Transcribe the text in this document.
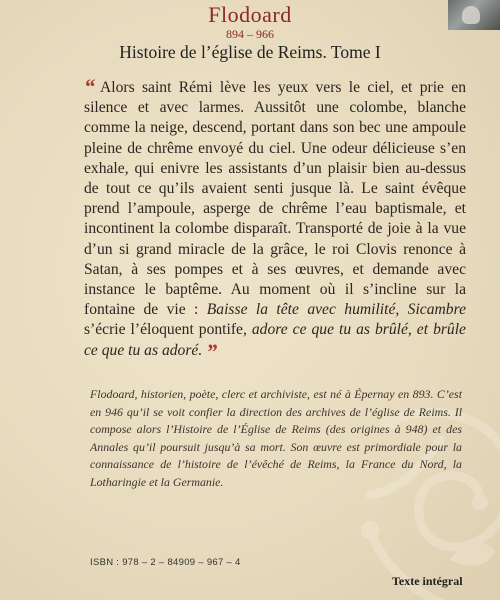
Flodoard
894 – 966
Histoire de l’église de Reims. Tome I
“ Alors saint Rémi lève les yeux vers le ciel, et prie en silence et avec larmes. Aussitôt une colombe, blanche comme la neige, descend, portant dans son bec une ampoule pleine de chrême envoyé du ciel. Une odeur délicieuse s’en exhale, qui enivre les assistants d’un plaisir bien au-dessus de tout ce qu’ils avaient senti jusque là. Le saint évêque prend l’ampoule, asperge de chrême l’eau baptismale, et incontinent la colombe disparaît. Transporté de joie à la vue d’un si grand miracle de la grâce, le roi Clovis renonce à Satan, à ses pompes et à ses œuvres, et demande avec instance le baptême. Au moment où il s’incline sur la fontaine de vie : Baisse la tête avec humilité, Sicambre s’écrie l’éloquent pontife, adore ce que tu as brûlé, et brûle ce que tu as adoré. ”
Flodoard, historien, poète, clerc et archiviste, est né à Épernay en 893. C’est en 946 qu’il se voit confier la direction des archives de l’église de Reims. Il compose alors l’Histoire de l’Église de Reims (des origines à 948) et des Annales qu’il poursuit jusqu’à sa mort. Son œuvre est primordiale pour la connaissance de l’histoire de l’évêché de Reims, la France du Nord, la Lotharingie et la Germanie.
ISBN : 978 – 2 – 84909 – 967 – 4
Texte intégral
